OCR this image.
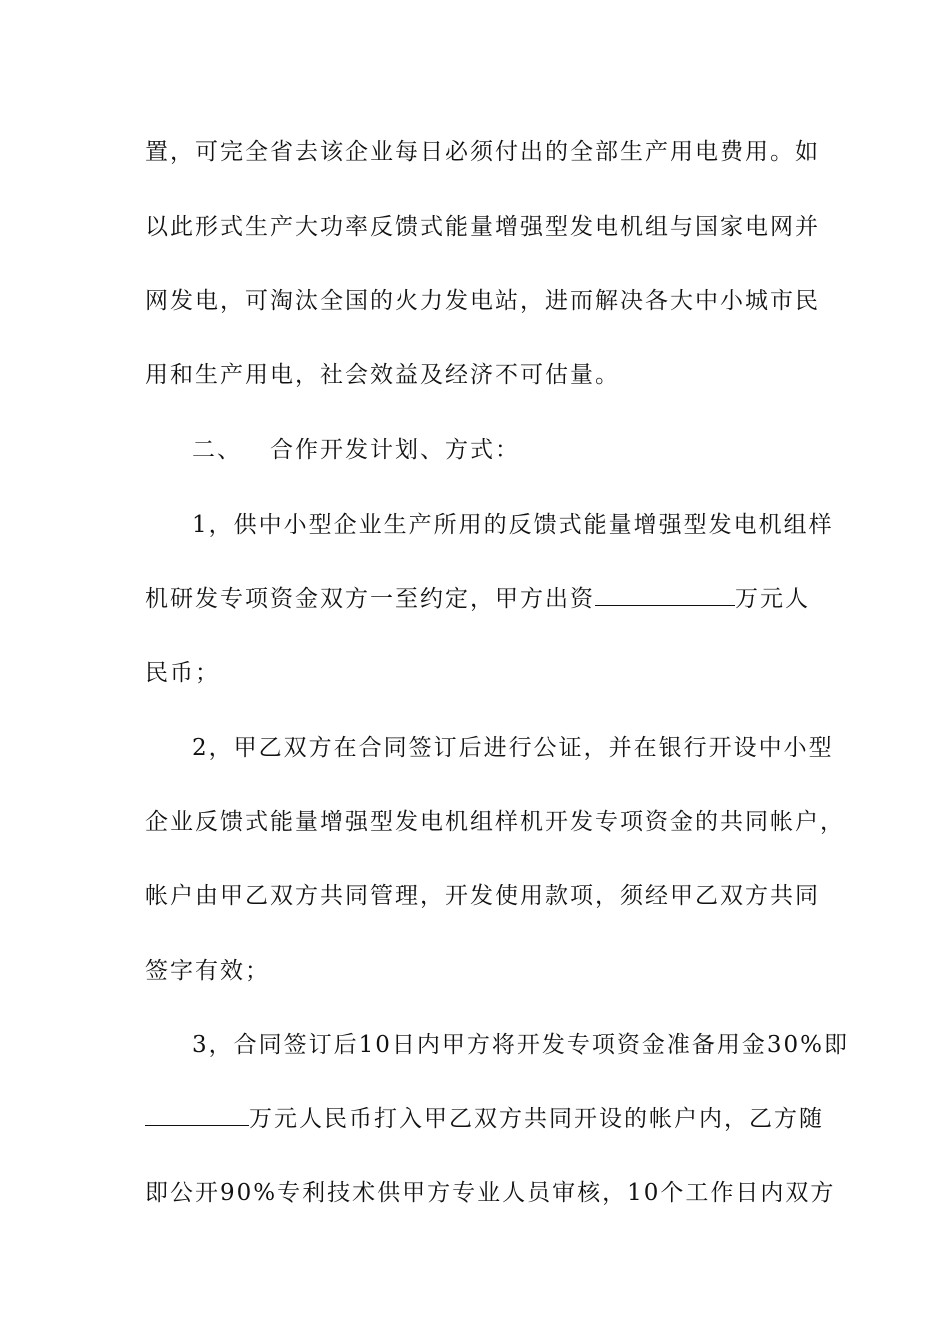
置，可完全省去该企业每日必须付出的全部生产用电费用。如
以此形式生产大功率反馈式能量增强型发电机组与国家电网并
网发电，可淘汰全国的火力发电站，进而解决各大中小城市民
用和生产用电，社会效益及经济不可估量。
二、 合作开发计划、方式：
1，供中小型企业生产所用的反馈式能量增强型发电机组样
机研发专项资金双方一至约定，甲方出资	万元人
民币；
2，甲乙双方在合同签订后进行公证，并在银行开设中小型
企业反馈式能量增强型发电机组样机开发专项资金的共同帐户，
帐户由甲乙双方共同管理，开发使用款项，须经甲乙双方共同
签字有效；
3，合同签订后10日内甲方将开发专项资金准备用金30%即
万元人民币打入甲乙双方共同开设的帐户内，乙方随
即公开90%专利技术供甲方专业人员审核，10个工作日内双方
